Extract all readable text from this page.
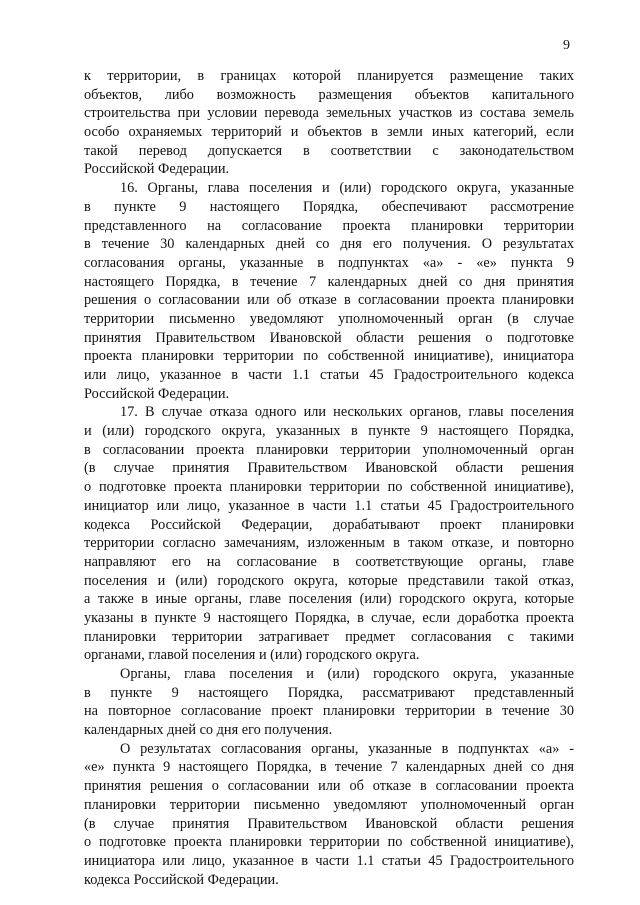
9
к территории, в границах которой планируется размещение таких
объектов, либо возможность размещения объектов капитального
строительства при условии перевода земельных участков из состава земель
особо охраняемых территорий и объектов в земли иных категорий, если
такой перевод допускается в соответствии с законодательством
Российской Федерации.
16. Органы, глава поселения и (или) городского округа, указанные
в пункте 9 настоящего Порядка, обеспечивают рассмотрение
представленного на согласование проекта планировки территории
в течение 30 календарных дней со дня его получения. О результатах
согласования органы, указанные в подпунктах «а» - «е» пункта 9
настоящего Порядка, в течение 7 календарных дней со дня принятия
решения о согласовании или об отказе в согласовании проекта планировки
территории письменно уведомляют уполномоченный орган (в случае
принятия Правительством Ивановской области решения о подготовке
проекта планировки территории по собственной инициативе), инициатора
или лицо, указанное в части 1.1 статьи 45 Градостроительного кодекса
Российской Федерации.
17. В случае отказа одного или нескольких органов, главы поселения
и (или) городского округа, указанных в пункте 9 настоящего Порядка,
в согласовании проекта планировки территории уполномоченный орган
(в случае принятия Правительством Ивановской области решения
о подготовке проекта планировки территории по собственной инициативе),
инициатор или лицо, указанное в части 1.1 статьи 45 Градостроительного
кодекса Российской Федерации, дорабатывают проект планировки
территории согласно замечаниям, изложенным в таком отказе, и повторно
направляют его на согласование в соответствующие органы, главе
поселения и (или) городского округа, которые представили такой отказ,
а также в иные органы, главе поселения (или) городского округа, которые
указаны в пункте 9 настоящего Порядка, в случае, если доработка проекта
планировки территории затрагивает предмет согласования с такими
органами, главой поселения и (или) городского округа.
Органы, глава поселения и (или) городского округа, указанные
в пункте 9 настоящего Порядка, рассматривают представленный
на повторное согласование проект планировки территории в течение 30
календарных дней со дня его получения.
О результатах согласования органы, указанные в подпунктах «а» -
«е» пункта 9 настоящего Порядка, в течение 7 календарных дней со дня
принятия решения о согласовании или об отказе в согласовании проекта
планировки территории письменно уведомляют уполномоченный орган
(в случае принятия Правительством Ивановской области решения
о подготовке проекта планировки территории по собственной инициативе),
инициатора или лицо, указанное в части 1.1 статьи 45 Градостроительного
кодекса Российской Федерации.
